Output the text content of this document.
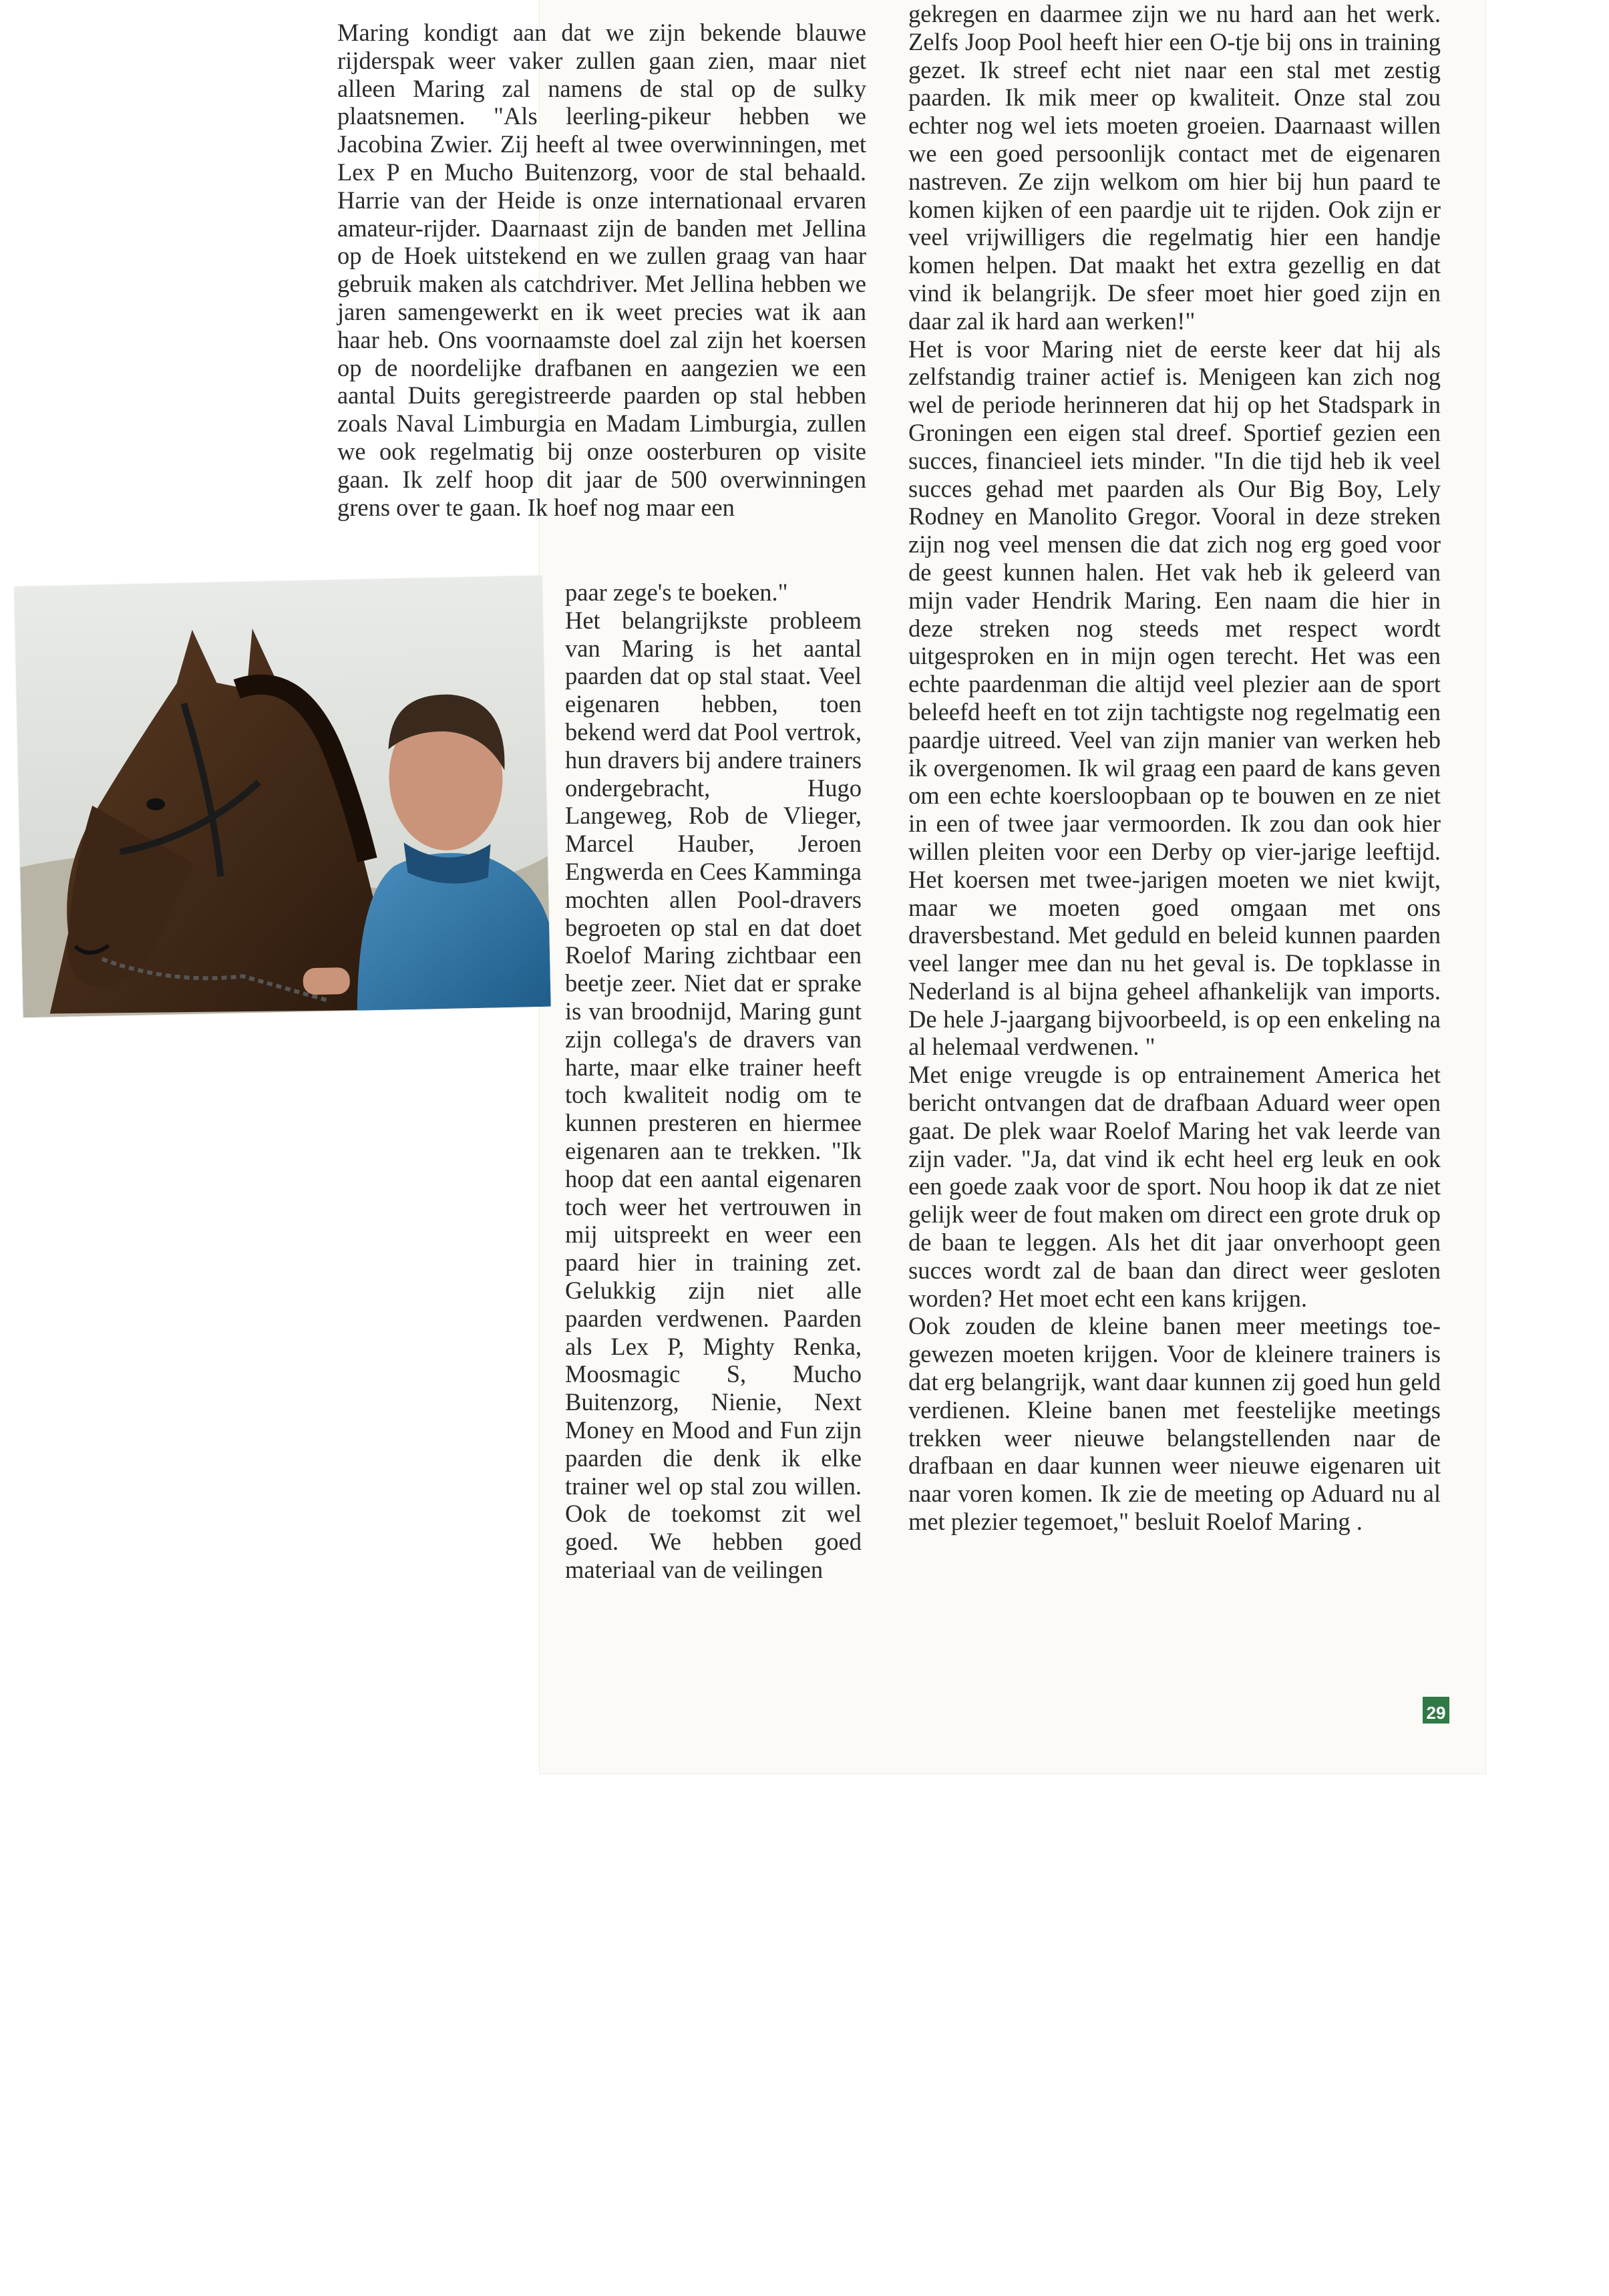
Maring kondigt aan dat we zijn bekende blauwe rijderspak weer vaker zullen gaan zien, maar niet alleen Maring zal namens de stal op de sulky plaatsnemen. "Als leerling-pikeur hebben we Jacobina Zwier. Zij heeft al twee overwinningen, met Lex P en Mucho Buitenzorg, voor de stal behaald. Harrie van der Heide is onze internationaal ervaren amateur-rijder. Daarnaast zijn de banden met Jellina op de Hoek uitstekend en we zullen graag van haar gebruik maken als catchdriver. Met Jellina hebben we jaren samengewerkt en ik weet precies wat ik aan haar heb. Ons voornaamste doel zal zijn het koersen op de noordelijke drafbanen en aangezien we een aantal Duits geregistreerde paarden op stal hebben zoals Naval Limburgia en Madam Limburgia, zullen we ook regelmatig bij onze oosterburen op visite gaan. Ik zelf hoop dit jaar de 500 overwinningen grens over te gaan. Ik hoef nog maar een

paar zege's te boeken."

Het belangrijkste probleem van Maring is het aantal paarden dat op stal staat. Veel eigenaren hebben, toen bekend werd dat Pool vertrok, hun dravers bij andere trainers ondergebracht, Hugo Langeweg, Rob de Vlieger, Marcel Hauber, Jeroen Engwerda en Cees Kamminga mochten allen Pool-dravers begroeten op stal en dat doet Roelof Maring zichtbaar een beetje zeer. Niet dat er sprake is van broodnijd, Maring gunt zijn collega's de dravers van harte, maar elke trainer heeft toch kwaliteit nodig om te kunnen presteren en hiermee eigenaren aan te trekken. "Ik hoop dat een aantal eigenaren toch weer het vertrouwen in mij uitspreekt en weer een paard hier in training zet. Gelukkig zijn niet alle paarden verdwenen. Paarden als Lex P, Mighty Renka, Moosmagic S, Mucho Buitenzorg, Nienie, Next Money en Mood and Fun zijn paarden die denk ik elke trainer wel op stal zou willen. Ook de toekomst zit wel goed. We hebben goed materiaal van de veilingen

gekregen en daarmee zijn we nu hard aan het werk. Zelfs Joop Pool heeft hier een O-tje bij ons in training gezet. Ik streef echt niet naar een stal met zestig paarden. Ik mik meer op kwaliteit. Onze stal zou echter nog wel iets moeten groeien. Daarnaast willen we een goed persoonlijk contact met de eigenaren nastreven. Ze zijn welkom om hier bij hun paard te komen kijken of een paardje uit te rijden. Ook zijn er veel vrijwilligers die regelmatig hier een handje komen helpen. Dat maakt het extra gezellig en dat vind ik belangrijk. De sfeer moet hier goed zijn en daar zal ik hard aan werken!"

Het is voor Maring niet de eerste keer dat hij als zelfstandig trainer actief is. Menigeen kan zich nog wel de periode herinneren dat hij op het Stadspark in Groningen een eigen stal dreef. Sportief gezien een succes, financieel iets minder. "In die tijd heb ik veel succes gehad met paarden als Our Big Boy, Lely Rodney en Manolito Gregor. Vooral in deze streken zijn nog veel mensen die dat zich nog erg goed voor de geest kunnen halen. Het vak heb ik geleerd van mijn vader Hendrik Maring. Een naam die hier in deze streken nog steeds met respect wordt uitgesproken en in mijn ogen terecht. Het was een echte paardenman die altijd veel plezier aan de sport beleefd heeft en tot zijn tachtigste nog regelmatig een paardje uitreed. Veel van zijn manier van werken heb ik overgenomen. Ik wil graag een paard de kans geven om een echte koersloopbaan op te bouwen en ze niet in een of twee jaar vermoorden. Ik zou dan ook hier willen pleiten voor een Derby op vier-jarige leeftijd. Het koersen met twee-jarigen moeten we niet kwijt, maar we moeten goed omgaan met ons draversbestand. Met geduld en beleid kunnen paarden veel langer mee dan nu het geval is. De topklasse in Nederland is al bijna geheel afhankelijk van imports. De hele J-jaargang bijvoorbeeld, is op een enkeling na al helemaal verdwenen. "

Met enige vreugde is op entrainement America het bericht ontvangen dat de drafbaan Aduard weer open gaat. De plek waar Roelof Maring het vak leerde van zijn vader. "Ja, dat vind ik echt heel erg leuk en ook een goede zaak voor de sport. Nou hoop ik dat ze niet gelijk weer de fout maken om direct een grote druk op de baan te leggen. Als het dit jaar onverhoopt geen succes wordt zal de baan dan direct weer gesloten worden? Het moet echt een kans krijgen.

Ook zouden de kleine banen meer meetings toegewezen moeten krijgen. Voor de kleinere trainers is dat erg belangrijk, want daar kunnen zij goed hun geld verdienen. Kleine banen met feestelijke meetings trekken weer nieuwe belangstellenden naar de drafbaan en daar kunnen weer nieuwe eigenaren uit naar voren komen. Ik zie de meeting op Aduard nu al met plezier tegemoet," besluit Roelof Maring .

29
